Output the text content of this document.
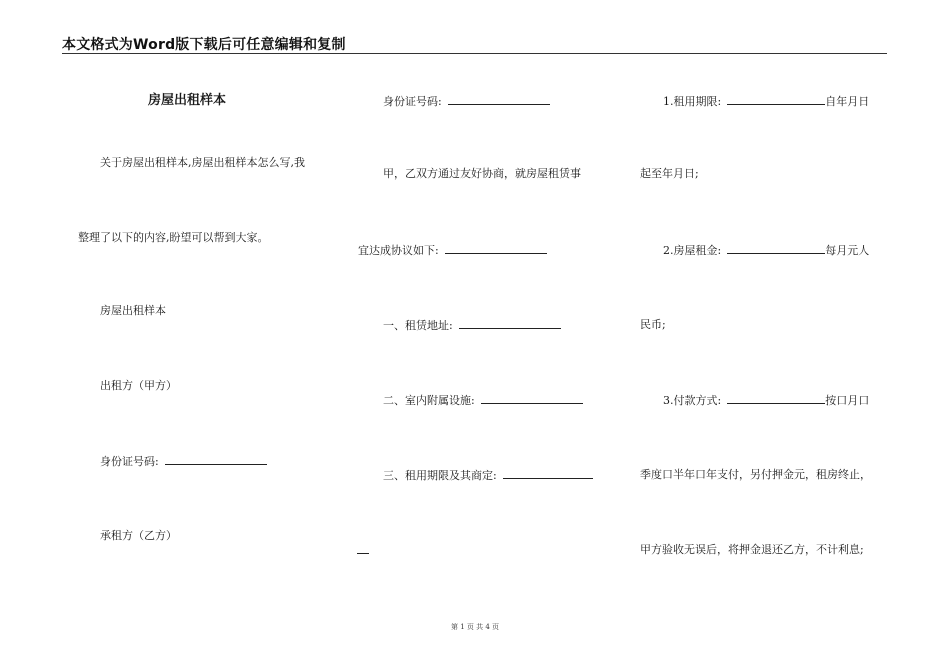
本文格式为Word版下载后可任意编辑和复制
房屋出租样本
关于房屋出租样本,房屋出租样本怎么写,我
整理了以下的内容,盼望可以帮到大家。
房屋出租样本
出租方（甲方）
身份证号码:
承租方（乙方）
身份证号码:
甲，乙双方通过友好协商，就房屋租赁事
宜达成协议如下:
一、租赁地址:
二、室内附属设施:
三、租用期限及其商定:
1.租用期限:	自年月日
起至年月日;
2.房屋租金:	每月元人
民币;
3.付款方式:	按口月口
季度口半年口年支付，另付押金元，租房终止，
甲方验收无误后，将押金退还乙方，不计利息;
第 1 页 共 4 页
